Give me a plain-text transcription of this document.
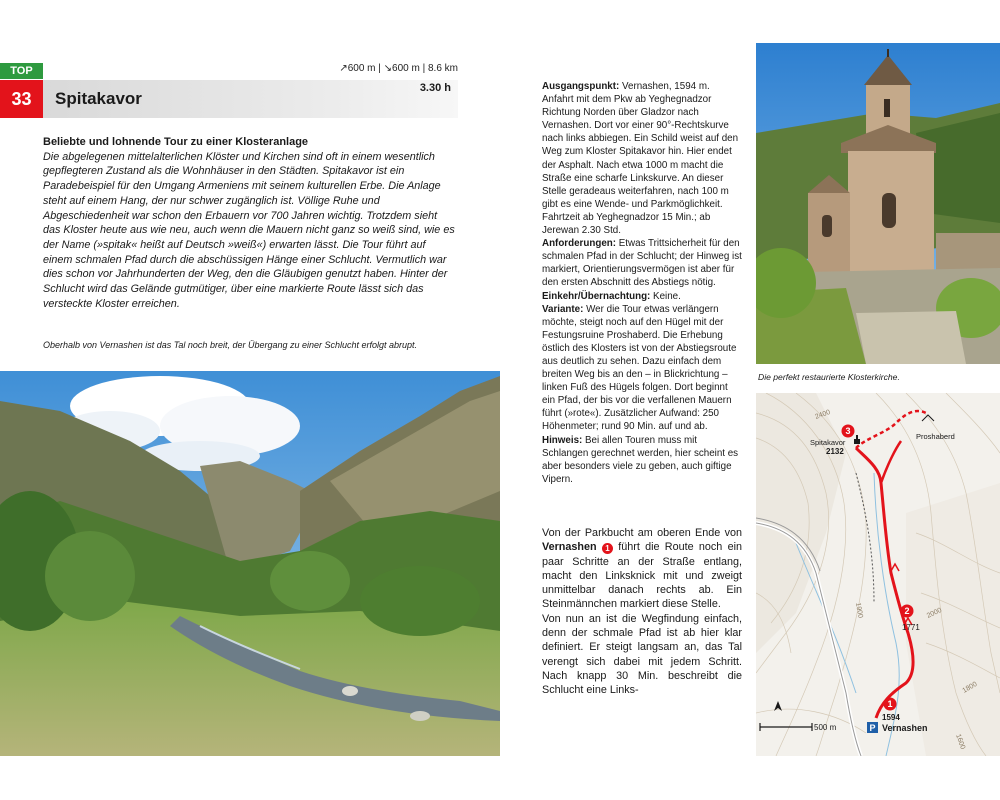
TOP
33	Spitakavor
3.30 h
↗600 m | ↘600 m | 8.6 km

Beliebte und lohnende Tour zu einer Klosteranlage

Die abgelegenen mittelalterlichen Klöster und Kirchen sind oft in einem wesentlich gepflegteren Zustand als die Wohnhäuser in den Städten. Spitakavor ist ein Paradebeispiel für den Umgang Armeniens mit seinem kulturellen Erbe. Die Anlage steht auf einem Hang, der nur schwer zugänglich ist. Völlige Ruhe und Abgeschiedenheit war schon den Erbauern vor 700 Jahren wichtig. Trotzdem sieht das Kloster heute aus wie neu, auch wenn die Mauern nicht ganz so weiß sind, wie es der Name (»spitak« heißt auf Deutsch »weiß«) erwarten lässt. Die Tour führt auf einem schmalen Pfad durch die abschüssigen Hänge einer Schlucht. Vermutlich war dies schon vor Jahrhunderten der Weg, den die Gläubigen genutzt haben. Hinter der Schlucht wird das Gelände gutmütiger, über eine markierte Route lässt sich das versteckte Kloster erreichen.

Oberhalb von Vernashen ist das Tal noch breit, der Übergang zu einer Schlucht erfolgt abrupt.

Ausgangspunkt: Vernashen, 1594 m. Anfahrt mit dem Pkw ab Yeghegnadzor Richtung Norden über Gladzor nach Vernashen. Dort vor einer 90°-Rechtskurve nach links abbiegen. Ein Schild weist auf den Weg zum Kloster Spitakavor hin. Hier endet der Asphalt. Nach etwa 1000 m macht die Straße eine scharfe Linkskurve. An dieser Stelle geradeaus weiterfahren, nach 100 m gibt es eine Wende- und Parkmöglichkeit. Fahrtzeit ab Yeghegnadzor 15 Min.; ab Jerewan 2.30 Std.

Anforderungen: Etwas Trittsicherheit für den schmalen Pfad in der Schlucht; der Hinweg ist markiert, Orientierungsvermögen ist aber für den ersten Abschnitt des Abstiegs nötig.

Einkehr/Übernachtung: Keine.

Variante: Wer die Tour etwas verlängern möchte, steigt noch auf den Hügel mit der Festungsruine Proshaberd. Die Erhebung östlich des Klosters ist von der Abstiegsroute aus deutlich zu sehen. Dazu einfach dem breiten Weg bis an den – in Blickrichtung – linken Fuß des Hügels folgen. Dort beginnt ein Pfad, der bis vor die verfallenen Mauern führt (»rote«). Zusätzlicher Aufwand: 250 Höhenmeter; rund 90 Min. auf und ab.

Hinweis: Bei allen Touren muss mit Schlangen gerechnet werden, hier scheint es aber besonders viele zu geben, auch giftige Vipern.

Von der Parkbucht am oberen Ende von Vernashen 1 führt die Route noch ein paar Schritte an der Straße entlang, macht den Linksknick mit und zweigt unmittelbar danach rechts ab. Ein Steinmännchen markiert diese Stelle.

Von nun an ist die Wegfindung einfach, denn der schmale Pfad ist ab hier klar definiert. Er steigt langsam an, das Tal verengt sich dabei mit jedem Schritt. Nach knapp 30 Min. beschreibt die Schlucht eine Links-

Die perfekt restaurierte Klosterkirche.

3
Spitakavor
2132
Proshaberd
2
1771
1
1594
P Vernashen
2400
2000
1900
1800
1600
500 m
